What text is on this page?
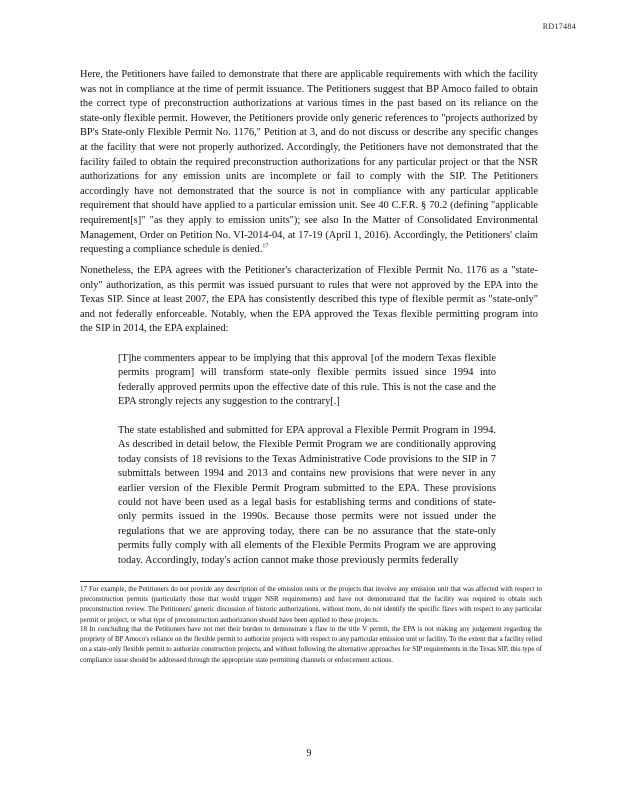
RD17484

Here, the Petitioners have failed to demonstrate that there are applicable requirements with which the facility was not in compliance at the time of permit issuance. The Petitioners suggest that BP Amoco failed to obtain the correct type of preconstruction authorizations at various times in the past based on its reliance on the state-only flexible permit. However, the Petitioners provide only generic references to "projects authorized by BP's State-only Flexible Permit No. 1176," Petition at 3, and do not discuss or describe any specific changes at the facility that were not properly authorized. Accordingly, the Petitioners have not demonstrated that the facility failed to obtain the required preconstruction authorizations for any particular project or that the NSR authorizations for any emission units are incomplete or fail to comply with the SIP. The Petitioners accordingly have not demonstrated that the source is not in compliance with any particular applicable requirement that should have applied to a particular emission unit. See 40 C.F.R. § 70.2 (defining "applicable requirement[s]" "as they apply to emission units"); see also In the Matter of Consolidated Environmental Management, Order on Petition No. VI-2014-04, at 17-19 (April 1, 2016). Accordingly, the Petitioners' claim requesting a compliance schedule is denied.$^{17}$

Nonetheless, the EPA agrees with the Petitioner's characterization of Flexible Permit No. 1176 as a "state-only" authorization, as this permit was issued pursuant to rules that were not approved by the EPA into the Texas SIP. Since at least 2007, the EPA has consistently described this type of flexible permit as "state-only" and not federally enforceable. Notably, when the EPA approved the Texas flexible permitting program into the SIP in 2014, the EPA explained:

[T]he commenters appear to be implying that this approval [of the modern Texas flexible permits program] will transform state-only flexible permits issued since 1994 into federally approved permits upon the effective date of this rule. This is not the case and the EPA strongly rejects any suggestion to the contrary[.]

The state established and submitted for EPA approval a Flexible Permit Program in 1994. As described in detail below, the Flexible Permit Program we are conditionally approving today consists of 18 revisions to the Texas Administrative Code provisions to the SIP in 7 submittals between 1994 and 2013 and contains new provisions that were never in any earlier version of the Flexible Permit Program submitted to the EPA. These provisions could not have been used as a legal basis for establishing terms and conditions of state-only permits issued in the 1990s. Because those permits were not issued under the regulations that we are approving today, there can be no assurance that the state-only permits fully comply with all elements of the Flexible Permits Program we are approving today. Accordingly, today's action cannot make those previously permits federally

17 For example, the Petitioners do not provide any description of the emission units or the projects that involve any emission unit that was affected with respect to preconstruction permits (particularly those that would trigger NSR requirements) and have not demonstrated that the facility was required to obtain such preconstruction review. The Petitioners' generic discussion of historic authorizations, without more, do not identify the specific flaws with respect to any particular permit or project, or what type of preconstruction authorization should have been applied to these projects.

18 In concluding that the Petitioners have not met their burden to demonstrate a flaw in the title V permit, the EPA is not making any judgement regarding the propriety of BP Amoco's reliance on the flexible permit to authorize projects with respect to any particular emission unit or facility. To the extent that a facility relied on a state-only flexible permit to authorize construction projects, and without following the alternative approaches for SIP requirements in the Texas SIP, this type of compliance issue should be addressed through the appropriate state permitting channels or enforcement actions.

9
